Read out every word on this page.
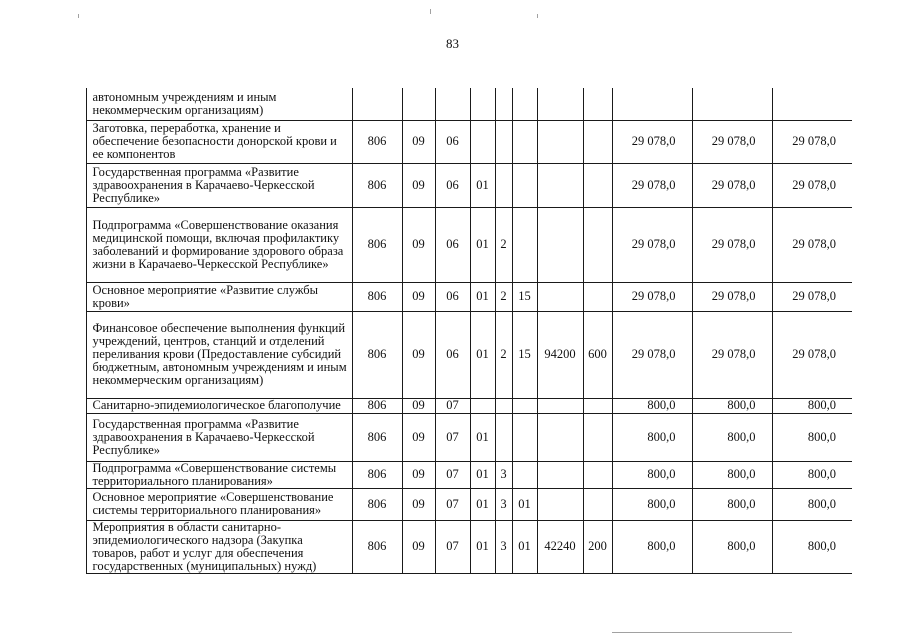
83
	автономным учреждениям и иным некоммерческим организациям)											
	Заготовка, переработка, хранение и обеспечение безопасности донорской крови и ее компонентов	806	09	06						29 078,0	29 078,0	29 078,0
	Государственная программа «Развитие здравоохранения в Карачаево-Черкесской Республике»	806	09	06	01					29 078,0	29 078,0	29 078,0
	Подпрограмма «Совершенствование оказания медицинской помощи, включая профилактику заболеваний и формирование здорового образа жизни в Карачаево-Черкесской Республике»	806	09	06	01	2				29 078,0	29 078,0	29 078,0
	Основное мероприятие «Развитие службы крови»	806	09	06	01	2	15			29 078,0	29 078,0	29 078,0
	Финансовое обеспечение выполнения функций учреждений, центров, станций и отделений переливания крови (Предоставление субсидий бюджетным, автономным учреждениям и иным некоммерческим организациям)	806	09	06	01	2	15	94200	600	29 078,0	29 078,0	29 078,0
	Санитарно-эпидемиологическое благополучие	806	09	07						800,0	800,0	800,0
	Государственная программа «Развитие здравоохранения в Карачаево-Черкесской Республике»	806	09	07	01					800,0	800,0	800,0
	Подпрограмма «Совершенствование системы территориального планирования»	806	09	07	01	3				800,0	800,0	800,0
	Основное мероприятие «Совершенствование системы территориального планирования»	806	09	07	01	3	01			800,0	800,0	800,0
	Мероприятия в области санитарно-эпидемиологического надзора (Закупка товаров, работ и услуг для обеспечения государственных (муниципальных) нужд)	806	09	07	01	3	01	42240	200	800,0	800,0	800,0
